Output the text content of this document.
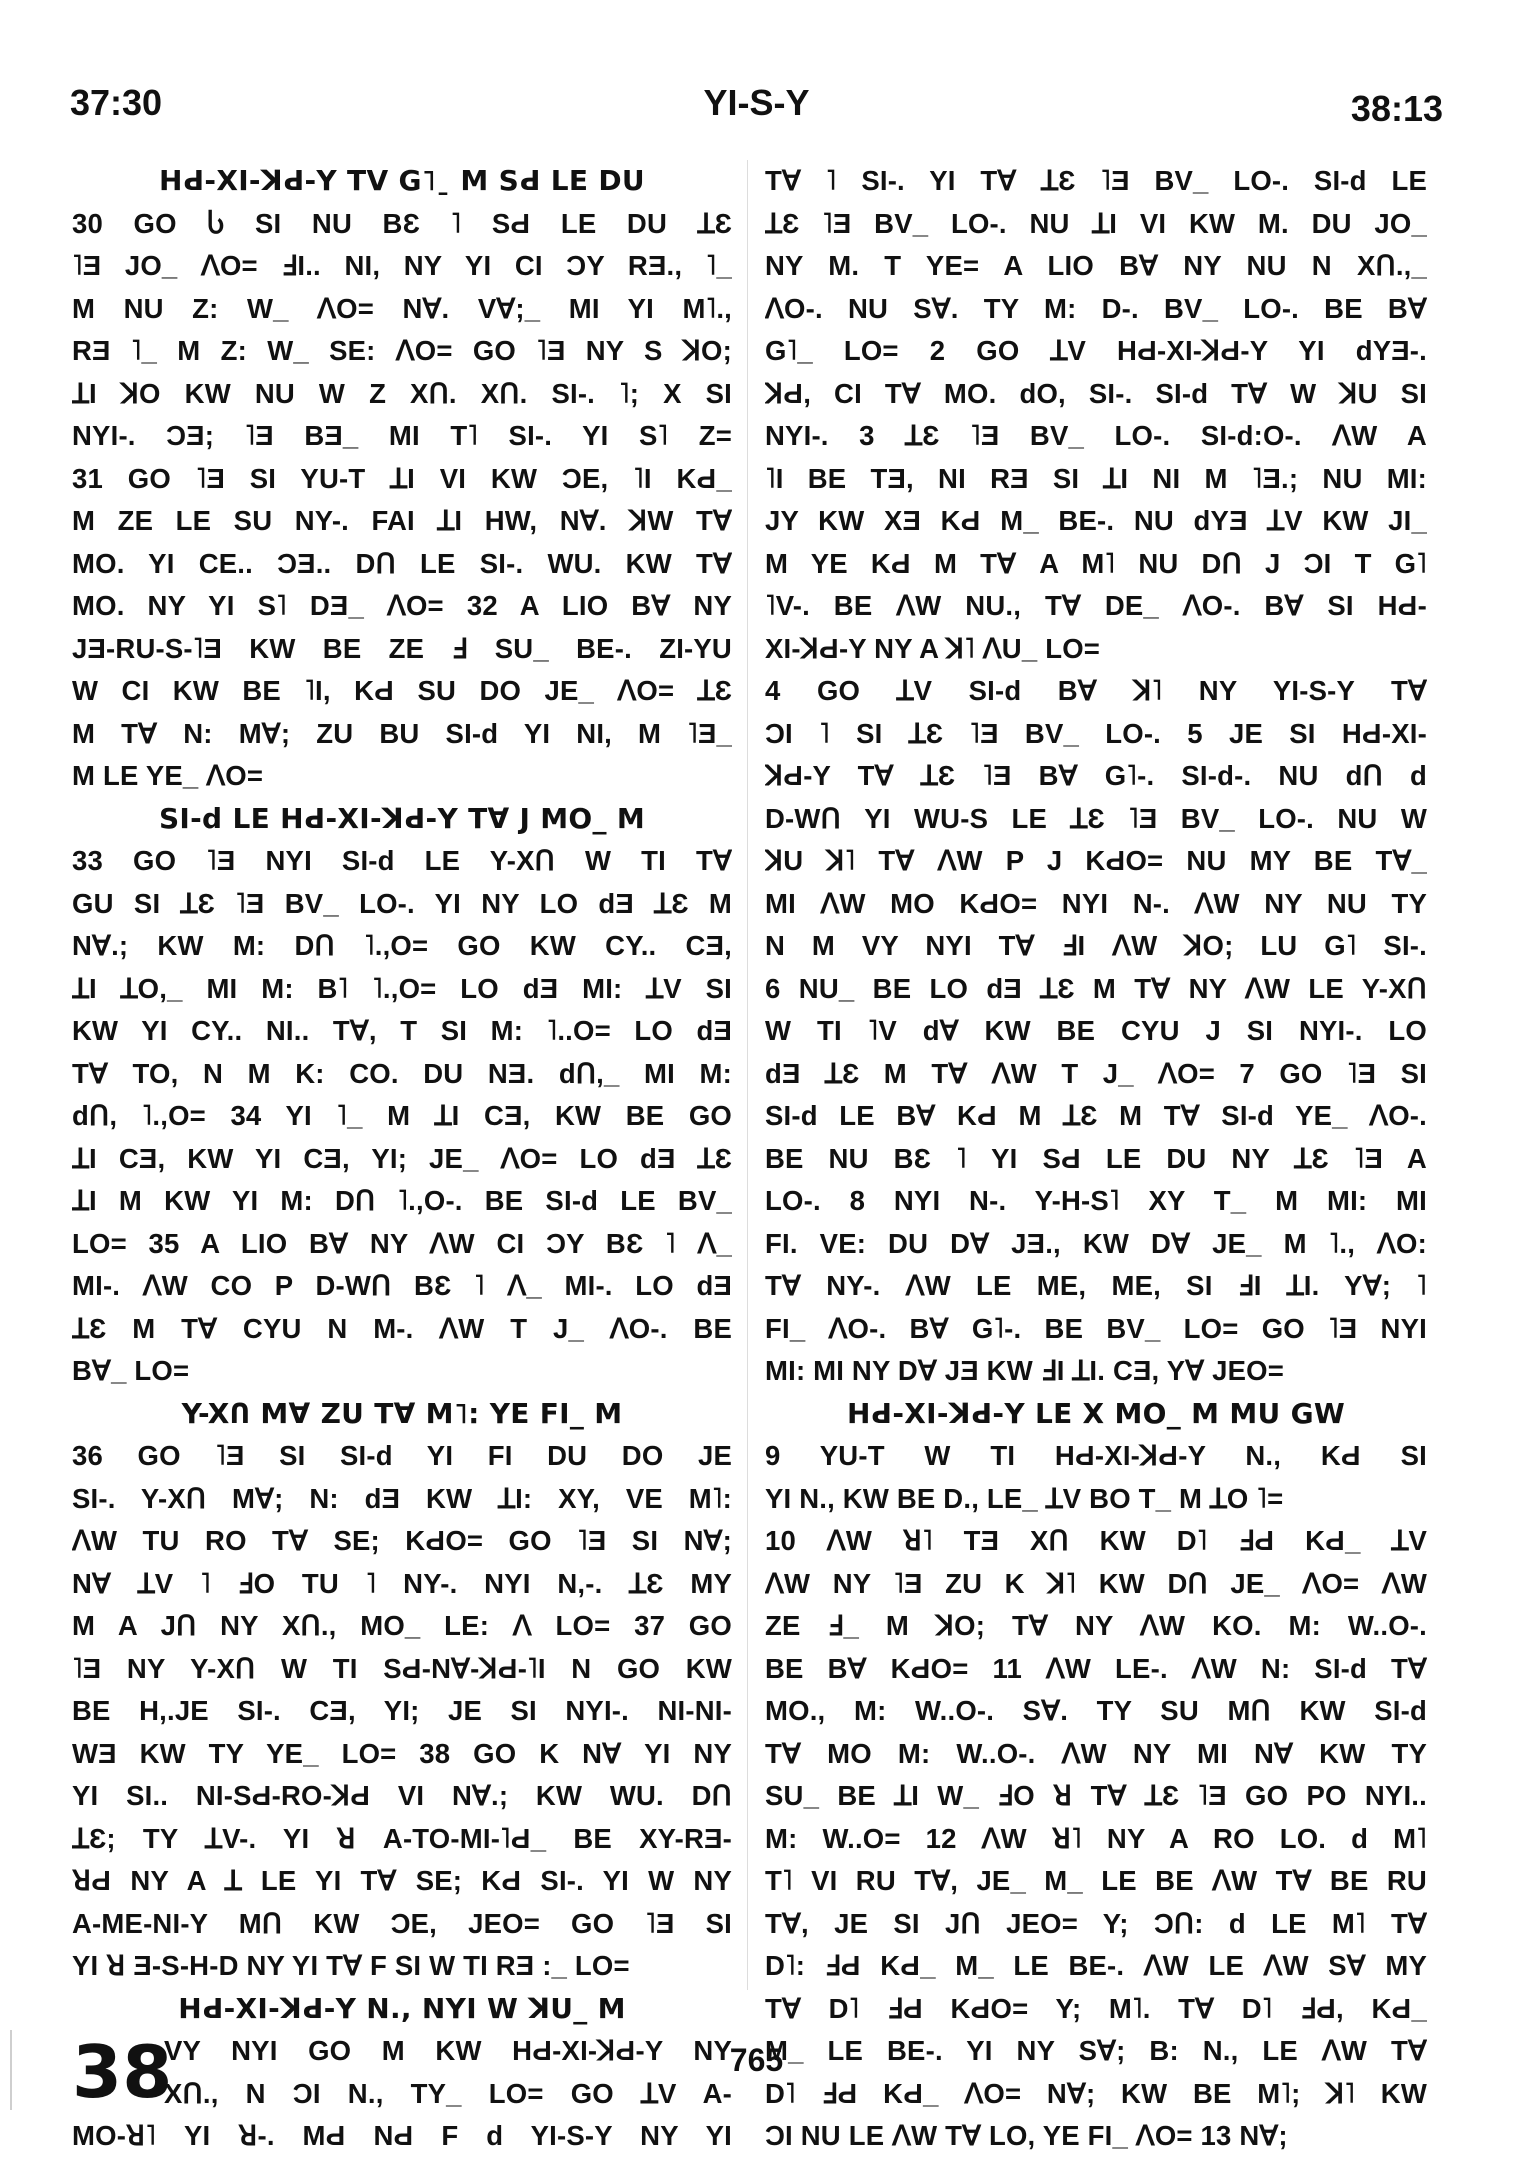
37:30	YI-S-Y	38:13
HԀ-XI-ꓘԀ-Y TV G˥ˍ M SԀ LE DU
30 GO Ⴑ SI NU BƐ ˥ SԀ LE DU ꓕƐ
˥Ǝ JO_ ꓥO= ℲI.. NI, NY YI CI ƆY RƎ., ˥_
M NU Z: W_ ꓥO= Nꓯ. Vꓯ;_ MI YI M˥.,
RƎ ˥_ M Z: W_ SE: ꓥO= GO ˥Ǝ NY S ꓘO;
ꓕI ꓘO KW NU W Z XՈ. XՈ. SI-. ˥; X SI
NYI-. ƆƎ; ˥Ǝ BƎ_ MI T˥ SI-. YI S˥ Z=
31 GO ˥Ǝ SI YU-T ꓕI VI KW ƆE, ˥I KԀ_
M ZE LE SU NY-. FAI ꓕI HW, Nꓯ. ꓘW Tꓯ
MO. YI CE.. ƆƎ.. DՈ LE SI-. WU. KW Tꓯ
MO. NY YI S˥ DƎ_ ꓥO= 32 A LIO Bꓯ NY
JƎ-RU-S-˥Ǝ KW BE ZE Ⅎ SU_ BE-. ZI-YU
W CI KW BE ˥I, KԀ SU DO JE_ ꓥO= ꓕƐ
M Tꓯ N: Mꓯ; ZU BU SI-d YI NI, M ˥Ǝ_
M LE YE_ ꓥO=
SI-d LE HԀ-XI-ꓘԀ-Y Tꓯ J MO_ M
33 GO ˥Ǝ NYI SI-d LE Y-XՈ W TI Tꓯ
GU SI ꓕƐ ˥Ǝ BV_ LO-. YI NY LO dƎ ꓕƐ M
Nꓯ.; KW M: DՈ ˥.,O= GO KW CY.. CƎ,
ꓕI ꓕO,_ MI M: B˥ ˥.,O= LO dƎ MI: ꓕV SI
KW YI CY.. NI.. Tꓯ, T SI M: ˥..O= LO dƎ
Tꓯ TO, N M K: CO. DU NƎ. dՈ,_ MI M:
dՈ, ˥.,O= 34 YI ˥_ M ꓕI CƎ, KW BE GO
ꓕI CƎ, KW YI CƎ, YI; JE_ ꓥO= LO dƎ ꓕƐ
ꓕI M KW YI M: DՈ ˥.,O-. BE SI-d LE BV_
LO= 35 A LIO Bꓯ NY ꓥW CI ƆY BƐ ˥ ꓥ_
MI-. ꓥW CO P D-WՈ BƐ ˥ ꓥ_ MI-. LO dƎ
ꓕƐ M Tꓯ CYU N M-. ꓥW T J_ ꓥO-. BE
Bꓯ_ LO=
Y-XՈ Mꓯ ZU Tꓯ M˥: YE FI_ M
36 GO ˥Ǝ SI SI-d YI FI DU DO JE
SI-. Y-XՈ Mꓯ; N: dƎ KW ꓕI: XY, VE M˥:
ꓥW TU RO Tꓯ SE; KԀO= GO ˥Ǝ SI Nꓯ;
Nꓯ ꓕV ˥ ℲO TU ˥ NY-. NYI N,-. ꓕƐ MY
M A JՈ NY XՈ., MO_ LE: ꓥ LO= 37 GO
˥Ǝ NY Y-XՈ W TI SԀ-Nꓯ-ꓘԀ-˥I N GO KW
BE H,.JE SI-. CƎ, YI; JE SI NYI-. NI-NI-
WƎ KW TY YE_ LO= 38 GO K Nꓯ YI NY
YI SI.. NI-SԀ-RO-ꓘԀ VI Nꓯ.; KW WU. DՈ
ꓕƐ; TY ꓕV-. YI ꓤ A-TO-MI-˥Ԁ_ BE XY-RƎ-
ꓤԀ NY A ꓕ LE YI Tꓯ SE; KԀ SI-. YI W NY
A-ME-NI-Y MՈ KW ƆE, JEO= GO ˥Ǝ SI
YI ꓤ Ǝ-S-H-D NY YI Tꓯ F SI W TI RƎ :_ LO=
HԀ-XI-ꓘԀ-Y N., NYI W ꓘU_ M
38
VY NYI GO M KW HԀ-XI-ꓘԀ-Y NY
XՈ., N ƆI N., TY_ LO= GO ꓕV A-
MO-ꓤ˥ YI ꓤ-. MԀ NԀ F d YI-S-Y NY YI
Tꓯ ˥ SI-. YI Tꓯ ꓕƐ ˥Ǝ BV_ LO-. SI-d LE
ꓕƐ ˥Ǝ BV_ LO-. NU ꓕI VI KW M. DU JO_
NY M. T YE= A LIO Bꓯ NY NU N XՈ.,_
ꓥO-. NU Sꓯ. TY M: D-. BV_ LO-. BE Bꓯ
G˥_ LO= 2 GO ꓕV HԀ-XI-ꓘԀ-Y YI dYƎ-.
ꓘԀ, CI Tꓯ MO. dO, SI-. SI-d Tꓯ W ꓘU SI
NYI-. 3 ꓕƐ ˥Ǝ BV_ LO-. SI-d:O-. ꓥW A
˥I BE TƎ, NI RƎ SI ꓕI NI M ˥Ǝ.; NU MI:
JY KW XƎ KԀ M_ BE-. NU dYƎ ꓕV KW JI_
M YE KԀ M Tꓯ A M˥ NU DՈ J ƆI T G˥
˥V-. BE ꓥW NU., Tꓯ DE_ ꓥO-. Bꓯ SI HԀ-
XI-ꓘԀ-Y NY A ꓘ˥ ꓥU_ LO=
4 GO ꓕV SI-d Bꓯ ꓘ˥ NY YI-S-Y Tꓯ
ƆI ˥ SI ꓕƐ ˥Ǝ BV_ LO-. 5 JE SI HԀ-XI-
ꓘԀ-Y Tꓯ ꓕƐ ˥Ǝ Bꓯ G˥-. SI-d-. NU dՈ d
D-WՈ YI WU-S LE ꓕƐ ˥Ǝ BV_ LO-. NU W
ꓘU ꓘ˥ Tꓯ ꓥW P J KԀO= NU MY BE Tꓯ_
MI ꓥW MO KԀO= NYI N-. ꓥW NY NU TY
N M VY NYI Tꓯ ℲI ꓥW ꓘO; LU G˥ SI-.
6 NU_ BE LO dƎ ꓕƐ M Tꓯ NY ꓥW LE Y-XՈ
W TI ˥V dꓯ KW BE CYU J SI NYI-. LO
dƎ ꓕƐ M Tꓯ ꓥW T J_ ꓥO= 7 GO ˥Ǝ SI
SI-d LE Bꓯ KԀ M ꓕƐ M Tꓯ SI-d YE_ ꓥO-.
BE NU BƐ ˥ YI SԀ LE DU NY ꓕƐ ˥Ǝ A
LO-. 8 NYI N-. Y-H-S˥ XY T_ M MI: MI
FI. VE: DU Dꓯ JƎ., KW Dꓯ JE_ M ˥., ꓥO:
Tꓯ NY-. ꓥW LE ME, ME, SI ℲI ꓕI. Yꓯ; ˥
FI_ ꓥO-. Bꓯ G˥-. BE BV_ LO= GO ˥Ǝ NYI
MI: MI NY Dꓯ JƎ KW ℲI ꓕI. CƎ, Yꓯ JEO=
HԀ-XI-ꓘԀ-Y LE X MO_ M MU GW
9 YU-T W TI HԀ-XI-ꓘԀ-Y N., KԀ SI
YI N., KW BE D., LE_ ꓕV BO T_ M ꓕO ˥=
10 ꓥW ꓤ˥ TƎ XՈ KW D˥ ℲԀ KԀ_ ꓕV
ꓥW NY ˥Ǝ ZU K ꓘ˥ KW DՈ JE_ ꓥO= ꓥW
ZE Ⅎ_ M ꓘO; Tꓯ NY ꓥW KO. M: W..O-.
BE Bꓯ KԀO= 11 ꓥW LE-. ꓥW N: SI-d Tꓯ
MO., M: W..O-. Sꓯ. TY SU MՈ KW SI-d
Tꓯ MO M: W..O-. ꓥW NY MI Nꓯ KW TY
SU_ BE ꓕI W_ ℲO ꓤ Tꓯ ꓕƐ ˥Ǝ GO PO NYI..
M: W..O= 12 ꓥW ꓤ˥ NY A RO LO. d M˥
T˥ VI RU Tꓯ, JE_ M_ LE BE ꓥW Tꓯ BE RU
Tꓯ, JE SI JՈ JEO= Y; ƆՈ: d LE M˥ Tꓯ
D˥: ℲԀ KԀ_ M_ LE BE-. ꓥW LE ꓥW Sꓯ MY
Tꓯ D˥ ℲԀ KԀO= Y; M˥. Tꓯ D˥ ℲԀ, KԀ_
M_ LE BE-. YI NY Sꓯ; B: N., LE ꓥW Tꓯ
D˥ ℲԀ KԀ_ ꓥO= Nꓯ; KW BE M˥; ꓘ˥ KW
ƆI NU LE ꓥW Tꓯ LO, YE FI_ ꓥO= 13 Nꓯ;
765
